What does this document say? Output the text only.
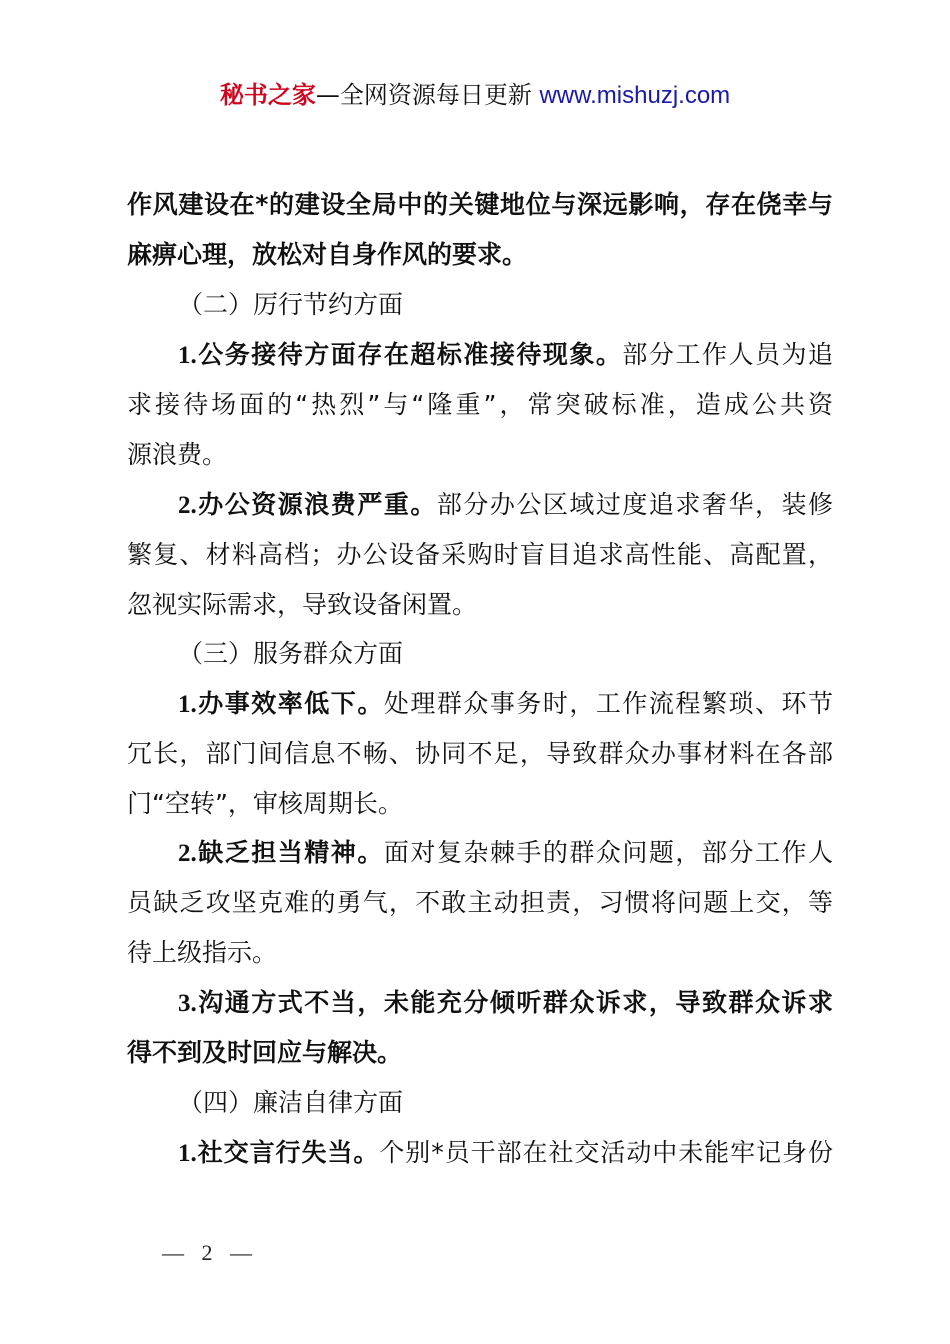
秘书之家—全网资源每日更新 www.mishuzj.com
作风建设在*的建设全局中的关键地位与深远影响，存在侥幸与
麻痹心理，放松对自身作风的要求。
（二）厉行节约方面
1.公务接待方面存在超标准接待现象。部分工作人员为追
求接待场面的“热烈”与“隆重”，常突破标准，造成公共资
源浪费。
2.办公资源浪费严重。部分办公区域过度追求奢华，装修
繁复、材料高档；办公设备采购时盲目追求高性能、高配置，
忽视实际需求，导致设备闲置。
（三）服务群众方面
1.办事效率低下。处理群众事务时，工作流程繁琐、环节
冗长，部门间信息不畅、协同不足，导致群众办事材料在各部
门“空转”，审核周期长。
2.缺乏担当精神。面对复杂棘手的群众问题，部分工作人
员缺乏攻坚克难的勇气，不敢主动担责，习惯将问题上交，等
待上级指示。
3.沟通方式不当，未能充分倾听群众诉求，导致群众诉求
得不到及时回应与解决。
（四）廉洁自律方面
1.社交言行失当。个别*员干部在社交活动中未能牢记身份
— 2 —
